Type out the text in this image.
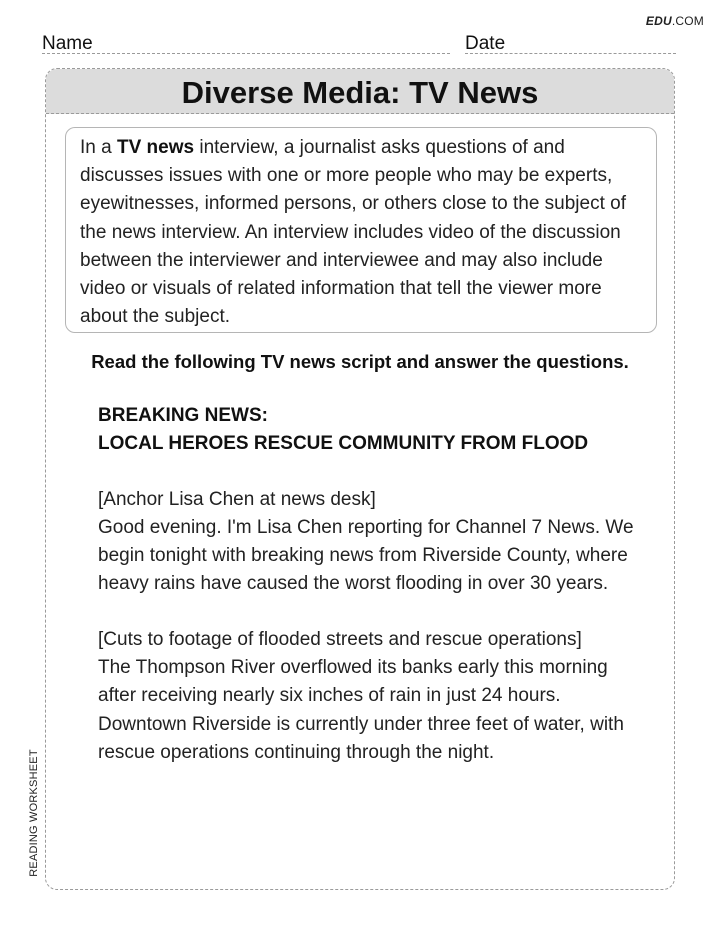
EDU.COM
Name	Date
Diverse Media: TV News
In a TV news interview, a journalist asks questions of and discusses issues with one or more people who may be experts, eyewitnesses, informed persons, or others close to the subject of the news interview. An interview includes video of the discussion between the interviewer and interviewee and may also include video or visuals of related information that tell the viewer more about the subject.
Read the following TV news script and answer the questions.
BREAKING NEWS:
LOCAL HEROES RESCUE COMMUNITY FROM FLOOD
[Anchor Lisa Chen at news desk]
Good evening. I'm Lisa Chen reporting for Channel 7 News. We begin tonight with breaking news from Riverside County, where heavy rains have caused the worst flooding in over 30 years.
[Cuts to footage of flooded streets and rescue operations]
The Thompson River overflowed its banks early this morning after receiving nearly six inches of rain in just 24 hours. Downtown Riverside is currently under three feet of water, with rescue operations continuing through the night.
READING WORKSHEET
